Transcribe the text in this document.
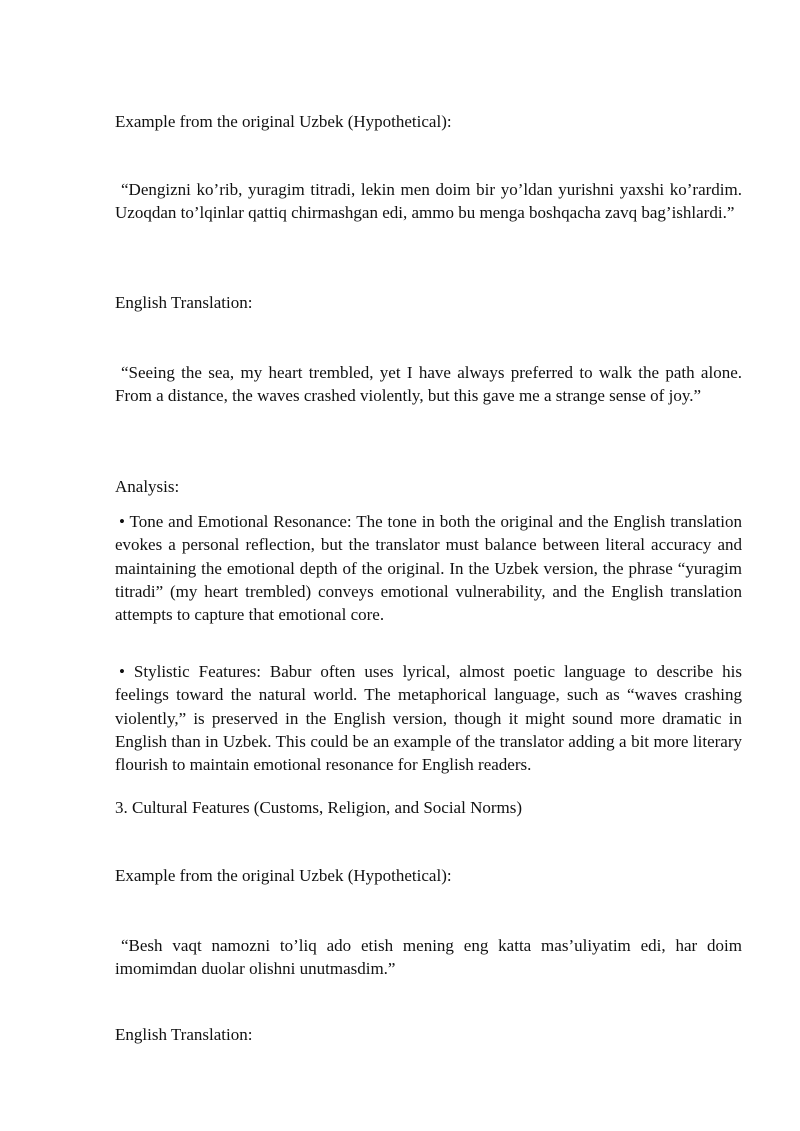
Example from the original Uzbek (Hypothetical):

“Dengizni ko’rib, yuragim titradi, lekin men doim bir yo’ldan yurishni yaxshi ko’rardim. Uzoqdan to’lqinlar qattiq chirmashgan edi, ammo bu menga boshqacha zavq bag’ishlardi.”

English Translation:

“Seeing the sea, my heart trembled, yet I have always preferred to walk the path alone. From a distance, the waves crashed violently, but this gave me a strange sense of joy.”

Analysis:

• Tone and Emotional Resonance: The tone in both the original and the English translation evokes a personal reflection, but the translator must balance between literal accuracy and maintaining the emotional depth of the original. In the Uzbek version, the phrase “yuragim titradi” (my heart trembled) conveys emotional vulnerability, and the English translation attempts to capture that emotional core.

• Stylistic Features: Babur often uses lyrical, almost poetic language to describe his feelings toward the natural world. The metaphorical language, such as “waves crashing violently,” is preserved in the English version, though it might sound more dramatic in English than in Uzbek. This could be an example of the translator adding a bit more literary flourish to maintain emotional resonance for English readers.

3. Cultural Features (Customs, Religion, and Social Norms)

Example from the original Uzbek (Hypothetical):

“Besh vaqt namozni to’liq ado etish mening eng katta mas’uliyatim edi, har doim imomimdan duolar olishni unutmasdim.”

English Translation:
